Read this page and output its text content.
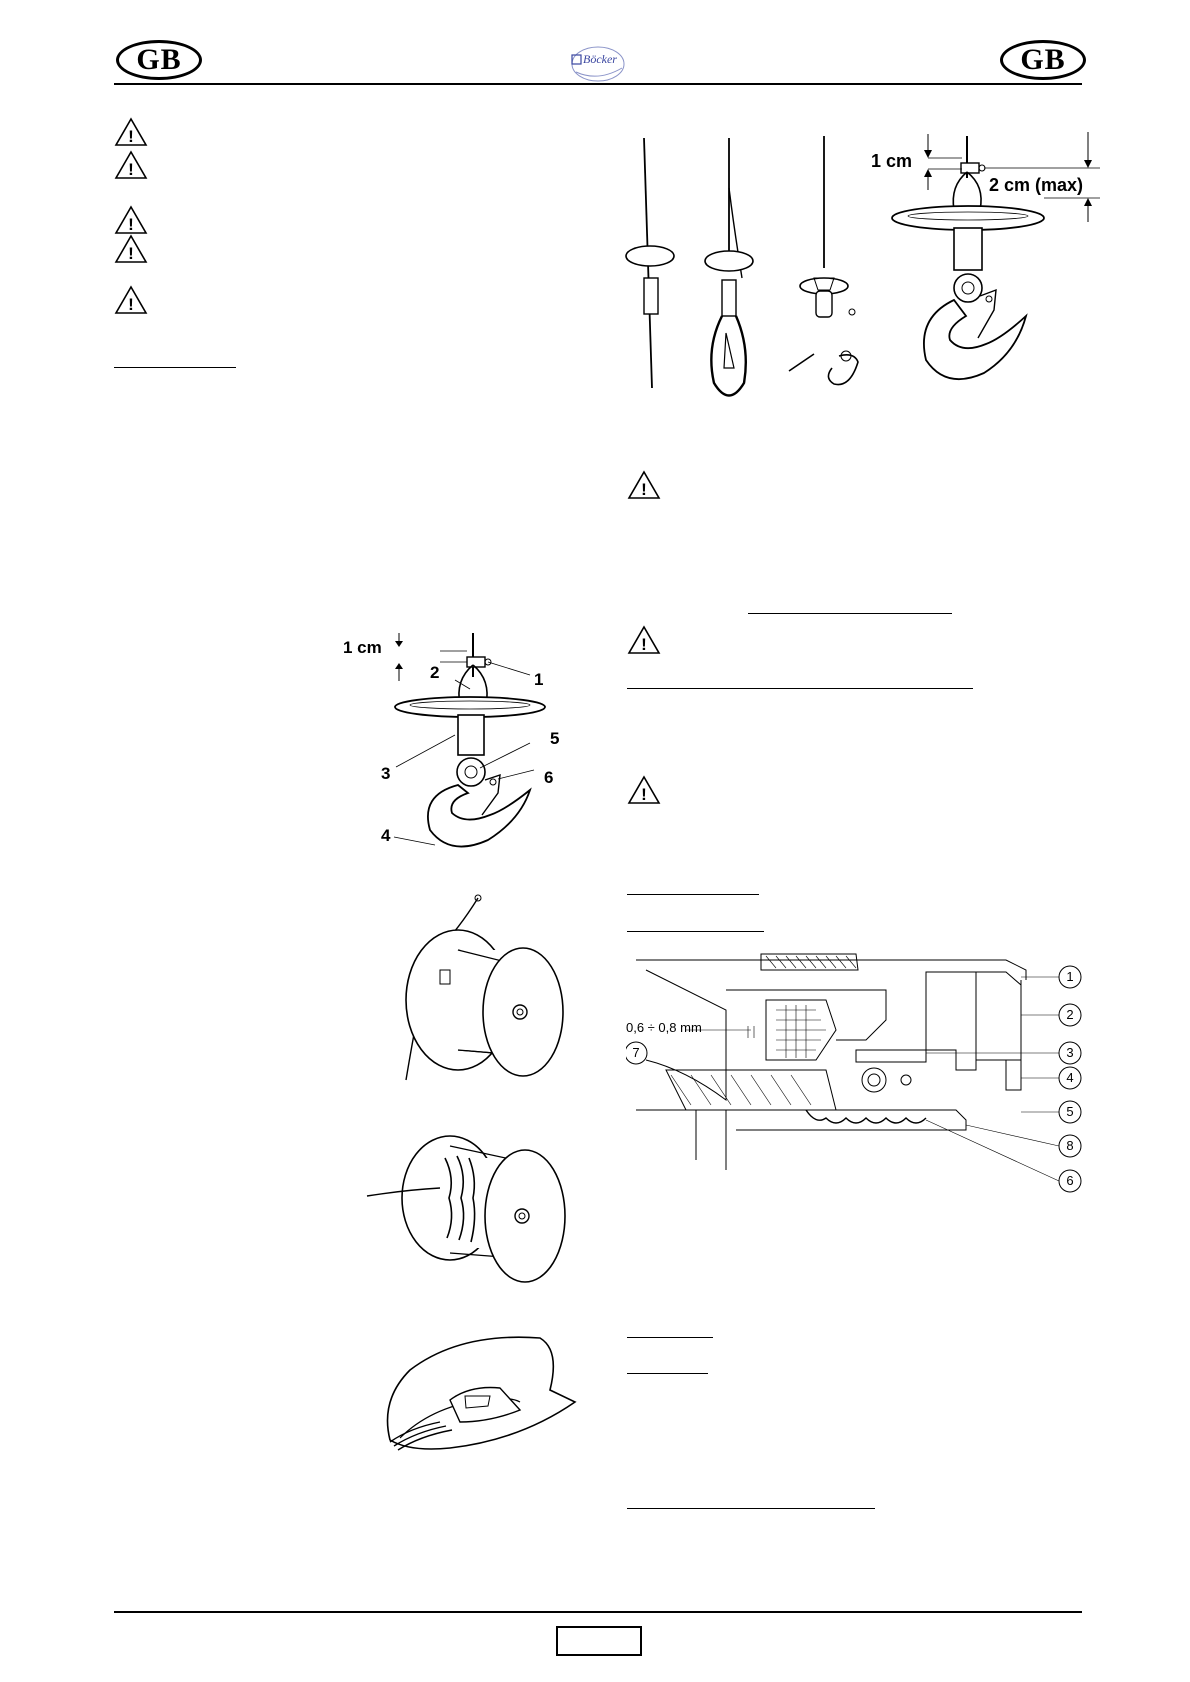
GB	GB
Böcker
!
!
!
!
!
1 cm
1
2
3
4
5
6
1 cm
2 cm (max)
!
!
!
0,6 ÷ 0,8 mm
7
1
2
3
4
5
8
6
